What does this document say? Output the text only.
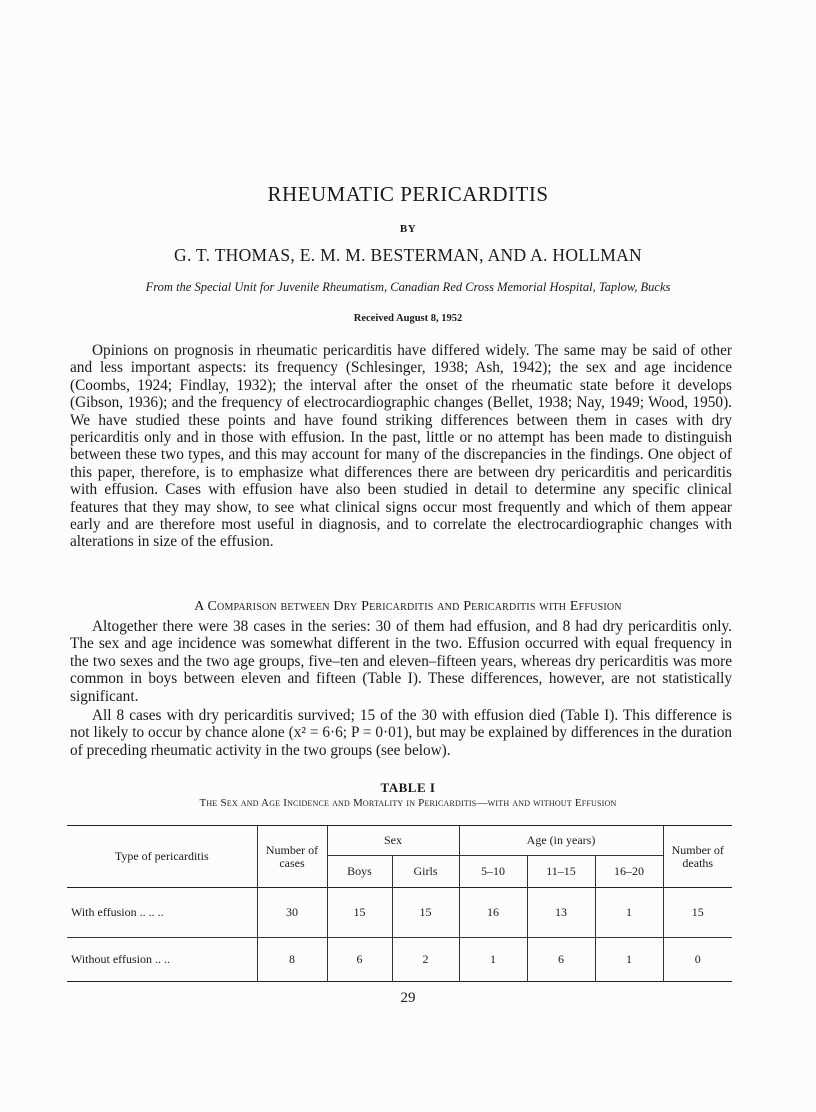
RHEUMATIC PERICARDITIS
BY
G. T. THOMAS, E. M. M. BESTERMAN, AND A. HOLLMAN
From the Special Unit for Juvenile Rheumatism, Canadian Red Cross Memorial Hospital, Taplow, Bucks
Received August 8, 1952

Opinions on prognosis in rheumatic pericarditis have differed widely. The same may be said of other and less important aspects: its frequency (Schlesinger, 1938; Ash, 1942); the sex and age incidence (Coombs, 1924; Findlay, 1932); the interval after the onset of the rheumatic state before it develops (Gibson, 1936); and the frequency of electrocardiographic changes (Bellet, 1938; Nay, 1949; Wood, 1950). We have studied these points and have found striking differences between them in cases with dry pericarditis only and in those with effusion. In the past, little or no attempt has been made to distinguish between these two types, and this may account for many of the discrepancies in the findings. One object of this paper, therefore, is to emphasize what differences there are between dry pericarditis and pericarditis with effusion. Cases with effusion have also been studied in detail to determine any specific clinical features that they may show, to see what clinical signs occur most frequently and which of them appear early and are therefore most useful in diagnosis, and to correlate the electrocardiographic changes with alterations in size of the effusion.

A Comparison between Dry Pericarditis and Pericarditis with Effusion

Altogether there were 38 cases in the series: 30 of them had effusion, and 8 had dry pericarditis only. The sex and age incidence was somewhat different in the two. Effusion occurred with equal frequency in the two sexes and the two age groups, five–ten and eleven–fifteen years, whereas dry pericarditis was more common in boys between eleven and fifteen (Table I). These differences, however, are not statistically significant.

All 8 cases with dry pericarditis survived; 15 of the 30 with effusion died (Table I). This difference is not likely to occur by chance alone (x² = 6·6; P = 0·01), but may be explained by differences in the duration of preceding rheumatic activity in the two groups (see below).

TABLE I
The Sex and Age Incidence and Mortality in Pericarditis—with and without Effusion
Type of pericarditis	Number of cases	Sex		Age (in years)			Number of deaths
		Boys	Girls	5–10	11–15	16–20	
With effusion .. .. ..	30	15	15	16	13	1	15
Without effusion .. ..	8	6	2	1	6	1	0
29
